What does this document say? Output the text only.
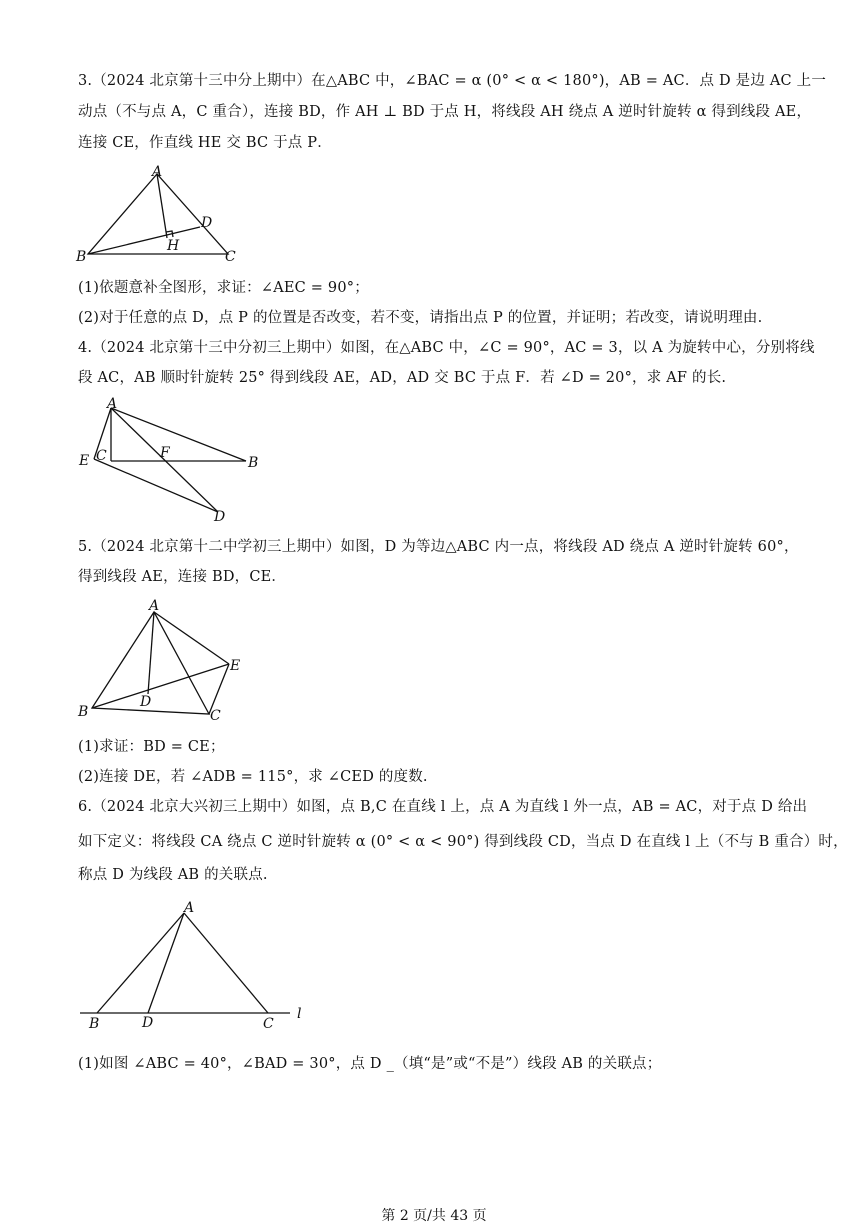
3.（2024 北京第十三中分上期中）在△ABC 中，∠BAC = α (0° < α < 180°)，AB = AC．点 D 是边 AC 上一
动点（不与点 A，C 重合），连接 BD，作 AH ⊥ BD 于点 H，将线段 AH 绕点 A 逆时针旋转 α 得到线段 AE，
连接 CE，作直线 HE 交 BC 于点 P．
A
B	C
D
H
(1)依题意补全图形，求证：∠AEC = 90°；
(2)对于任意的点 D，点 P 的位置是否改变，若不变，请指出点 P 的位置，并证明；若改变，请说明理由.
4.（2024 北京第十三中分初三上期中）如图，在△ABC 中，∠C = 90°，AC = 3，以 A 为旋转中心，分别将线
段 AC，AB 顺时针旋转 25° 得到线段 AE，AD，AD 交 BC 于点 F．若 ∠D = 20°，求 AF 的长.
A
E C	F
B
D
5.（2024 北京第十二中学初三上期中）如图，D 为等边△ABC 内一点，将线段 AD 绕点 A 逆时针旋转 60°，
得到线段 AE，连接 BD，CE．
A
E
D
B	C
(1)求证：BD = CE；
(2)连接 DE，若 ∠ADB = 115°，求 ∠CED 的度数.
6.（2024 北京大兴初三上期中）如图，点 B,C 在直线 l 上，点 A 为直线 l 外一点，AB = AC，对于点 D 给出
如下定义：将线段 CA 绕点 C 逆时针旋转 α (0° < α < 90°) 得到线段 CD，当点 D 在直线 l 上（不与 B 重合）时，
称点 D 为线段 AB 的关联点.
A
B	D	C
l
(1)如图 ∠ABC = 40°，∠BAD = 30°，点 D _（填“是”或“不是”）线段 AB 的关联点；
第 2 页/共 43 页
